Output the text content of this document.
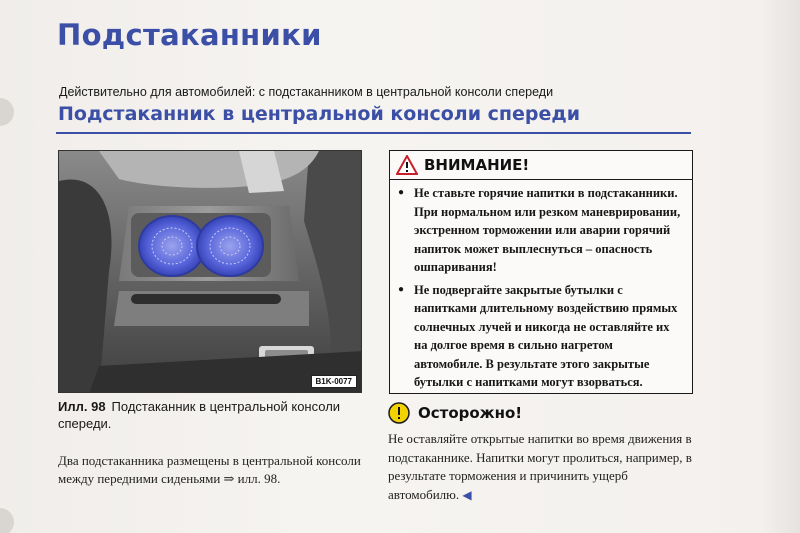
Подстаканники
Действительно для автомобилей: с подстаканником в центральной консоли спереди
Подстаканник в центральной консоли спереди
B1K-0077
Илл. 98 Подстаканник в центральной консоли спереди.
Два подстаканника размещены в центральной консоли между передними сиденьями ⇒ илл. 98.
ВНИМАНИЕ!
● Не ставьте горячие напитки в подстаканники. При нормальном или резком маневрировании, экстренном торможении или аварии горячий напиток может выплеснуться – опасность ошпаривания!
● Не подвергайте закрытые бутылки с напитками длительному воздействию прямых солнечных лучей и никогда не оставляйте их на долгое время в сильно нагретом автомобиле. В результате этого закрытые бутылки с напитками могут взорваться.
Осторожно!
Не оставляйте открытые напитки во время движения в подстаканнике. Напитки могут пролиться, например, в результате торможения и причинить ущерб автомобилю. ◀
